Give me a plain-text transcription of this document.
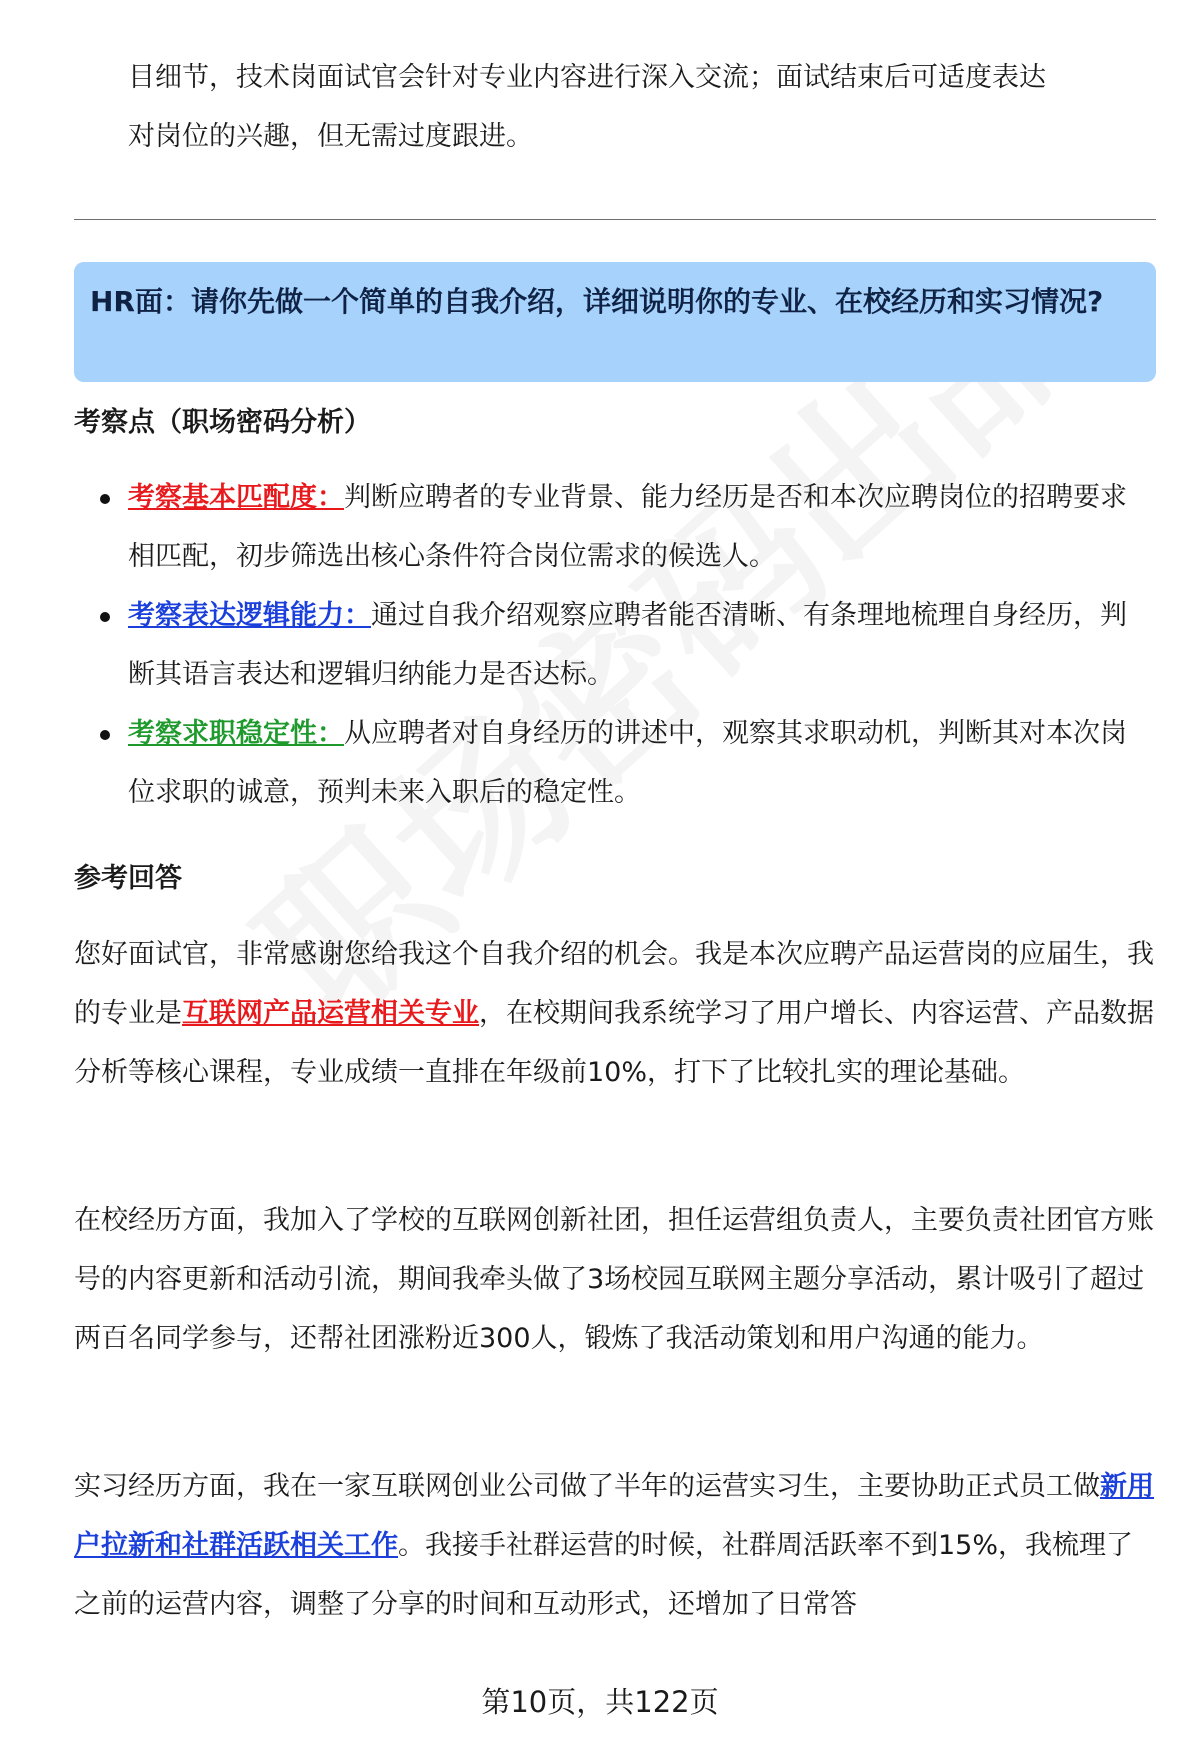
目细节，技术岗面试官会针对专业内容进行深入交流；面试结束后可适度表达
对岗位的兴趣，但无需过度跟进。
HR面：请你先做一个简单的自我介绍，详细说明你的专业、在校经历和实习情况?
考察点（职场密码分析）
考察基本匹配度：判断应聘者的专业背景、能力经历是否和本次应聘岗位的招聘要求相匹配，初步筛选出核心条件符合岗位需求的候选人。
考察表达逻辑能力：通过自我介绍观察应聘者能否清晰、有条理地梳理自身经历，判断其语言表达和逻辑归纳能力是否达标。
考察求职稳定性：从应聘者对自身经历的讲述中，观察其求职动机，判断其对本次岗位求职的诚意，预判未来入职后的稳定性。
参考回答

您好面试官，非常感谢您给我这个自我介绍的机会。我是本次应聘产品运营岗的应届生，我的专业是互联网产品运营相关专业，在校期间我系统学习了用户增长、内容运营、产品数据分析等核心课程，专业成绩一直排在年级前10%，打下了比较扎实的理论基础。

在校经历方面，我加入了学校的互联网创新社团，担任运营组负责人，主要负责社团官方账号的内容更新和活动引流，期间我牵头做了3场校园互联网主题分享活动，累计吸引了超过两百名同学参与，还帮社团涨粉近300人，锻炼了我活动策划和用户沟通的能力。

实习经历方面，我在一家互联网创业公司做了半年的运营实习生，主要协助正式员工做新用户拉新和社群活跃相关工作。我接手社群运营的时候，社群周活跃率不到15%，我梳理了之前的运营内容，调整了分享的时间和互动形式，还增加了日常答

第10页，共122页
